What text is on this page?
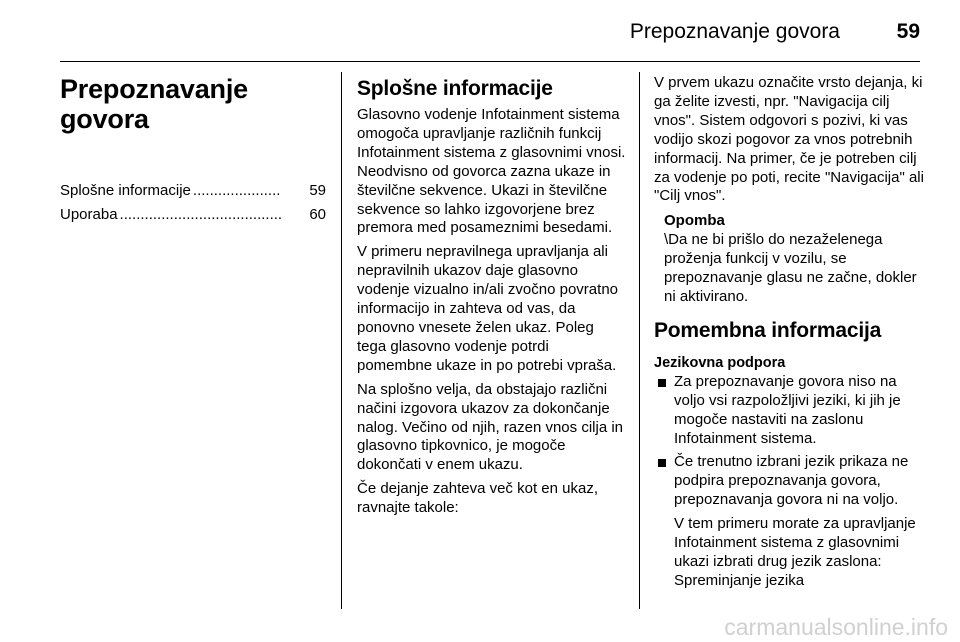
Prepoznavanje govora	59
Prepoznavanje
govora
Splošne informacije .....................	59
Uporaba .......................................	60
Splošne informacije

Glasovno vodenje Infotainment sistema omogoča upravljanje različnih funkcij Infotainment sistema z glasovnimi vnosi. Neodvisno od govorca zazna ukaze in številčne sekvence. Ukazi in številčne sekvence so lahko izgovorjene brez premora med posameznimi besedami.

V primeru nepravilnega upravljanja ali nepravilnih ukazov daje glasovno vodenje vizualno in/ali zvočno povratno informacijo in zahteva od vas, da ponovno vnesete želen ukaz. Poleg tega glasovno vodenje potrdi pomembne ukaze in po potrebi vpraša.

Na splošno velja, da obstajajo različni načini izgovora ukazov za dokončanje nalog. Večino od njih, razen vnos cilja in glasovno tipkovnico, je mogoče dokončati v enem ukazu.

Če dejanje zahteva več kot en ukaz, ravnajte takole:

V prvem ukazu označite vrsto dejanja, ki ga želite izvesti, npr. "Navigacija cilj vnos". Sistem odgovori s pozivi, ki vas vodijo skozi pogovor za vnos potrebnih informacij. Na primer, če je potreben cilj za vodenje po poti, recite "Navigacija" ali "Cilj vnos".

Opomba
\Da ne bi prišlo do nezaželenega proženja funkcij v vozilu, se prepoznavanje glasu ne začne, dokler ni aktivirano.
Pomembna informacija
Jezikovna podpora
Za prepoznavanje govora niso na voljo vsi razpoložljivi jeziki, ki jih je mogoče nastaviti na zaslonu Infotainment sistema.
Če trenutno izbrani jezik prikaza ne podpira prepoznavanja govora, prepoznavanja govora ni na voljo.
V tem primeru morate za upravljanje Infotainment sistema z glasovnimi ukazi izbrati drug jezik zaslona: Spreminjanje jezika
carmanualsonline.info
